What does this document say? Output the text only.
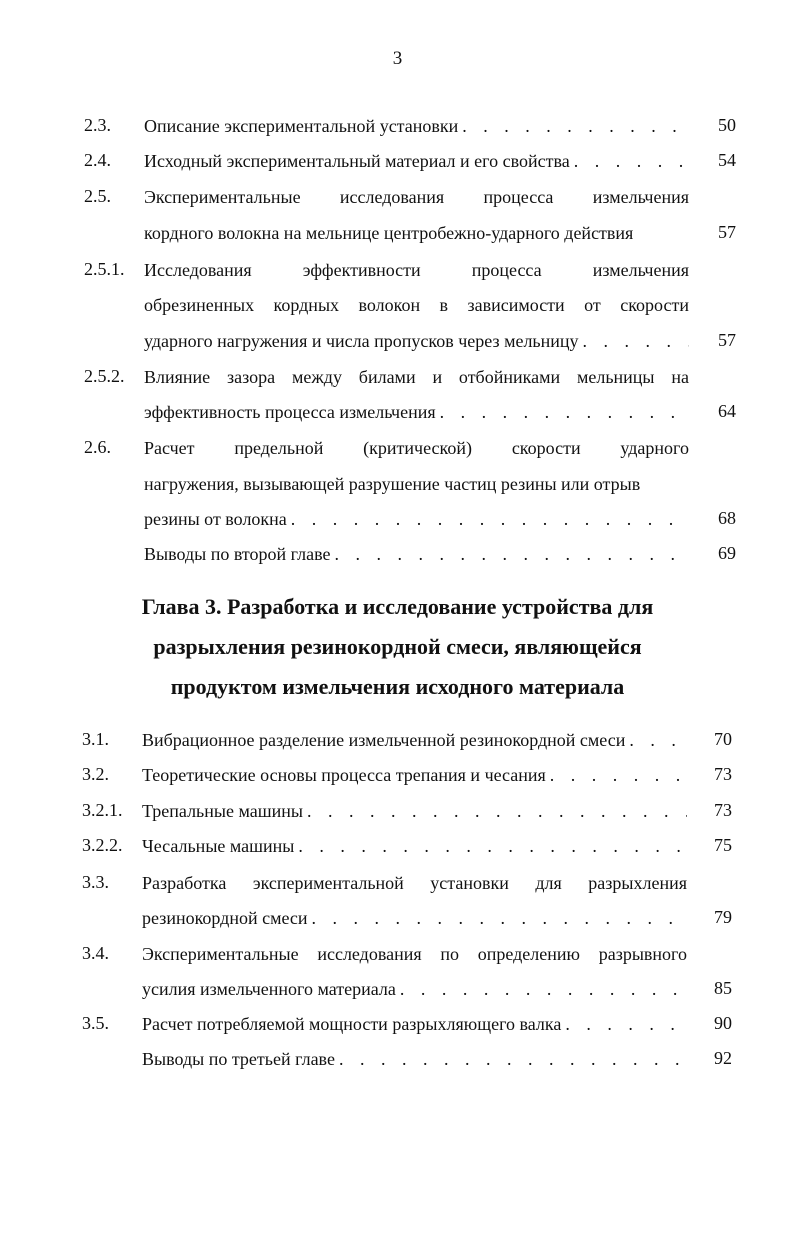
3
2.3. Описание экспериментальной установки . . .	50
2.4. Исходный экспериментальный материал и его свойства . . .	54
2.5. Экспериментальные исследования процесса измельчения
кордного волокна на мельнице центробежно-ударного действия	57
2.5.1. Исследования эффективности процесса измельчения
обрезиненных кордных волокон в зависимости от скорости
ударного нагружения и числа пропусков через мельницу . . .	57
2.5.2. Влияние зазора между билами и отбойниками мельницы на
эффективность процесса измельчения . . .	64
2.6. Расчет предельной (критической) скорости ударного
нагружения, вызывающей разрушение частиц резины или отрыв
резины от волокна . . .	68
Выводы по второй главе . . .	69
Глава 3. Разработка и исследование устройства для
разрыхления резинокордной смеси, являющейся
продуктом измельчения исходного материала
3.1. Вибрационное разделение измельченной резинокордной смеси . . .	70
3.2. Теоретические основы процесса трепания и чесания . . .	73
3.2.1. Трепальные машины . . .	73
3.2.2. Чесальные машины . . .	75
3.3. Разработка экспериментальной установки для разрыхления
резинокордной смеси . . .	79
3.4. Экспериментальные исследования по определению разрывного
усилия измельченного материала . . .	85
3.5. Расчет потребляемой мощности разрыхляющего валка . . .	90
Выводы по третьей главе . . .	92
